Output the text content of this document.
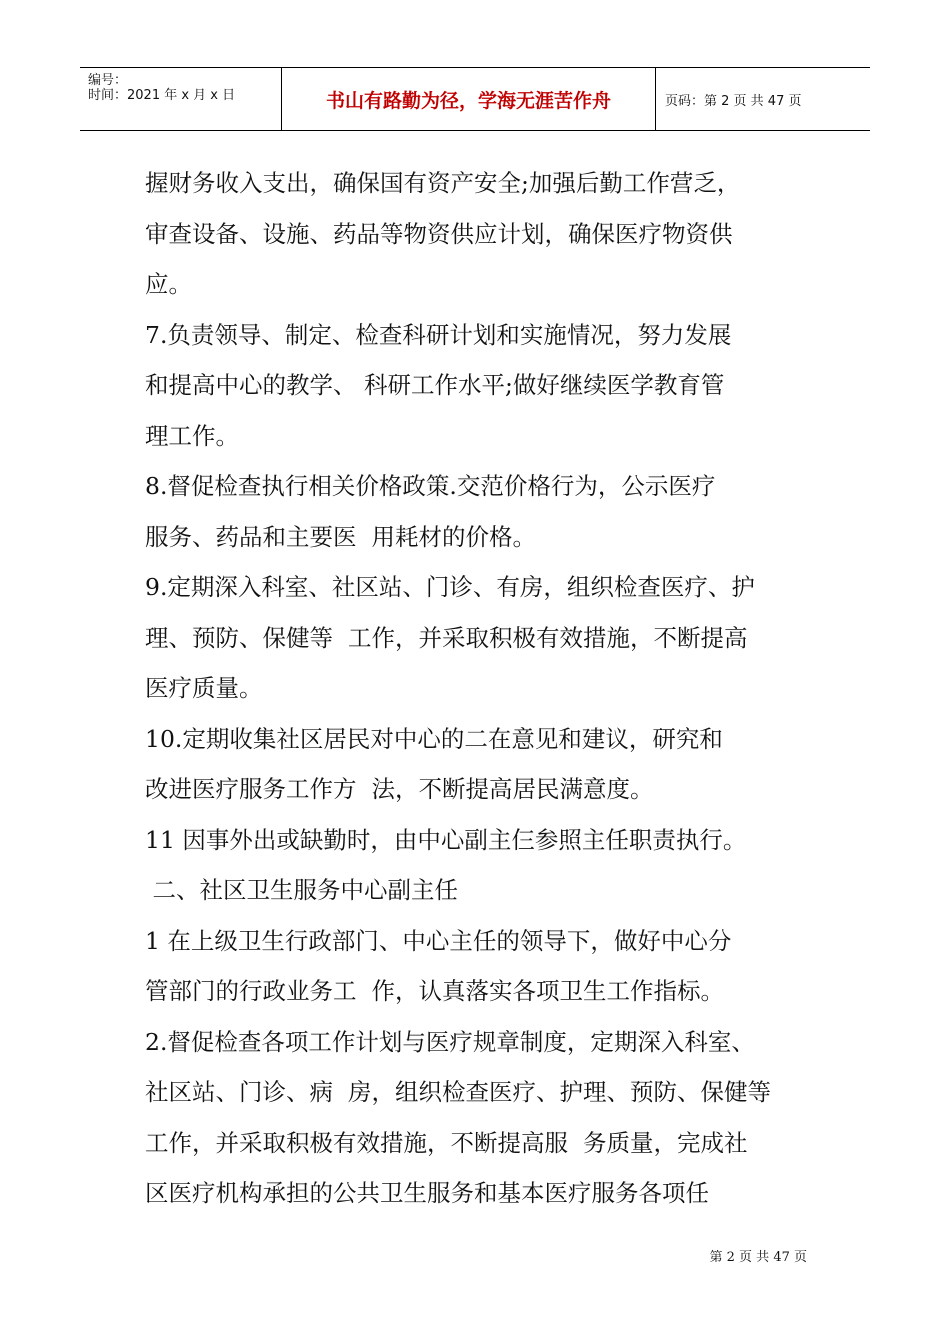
编号：
时间：2021 年 x 月 x 日	书山有路勤为径，学海无涯苦作舟	页码：第 2 页 共 47 页
握财务收入支出，确保国有资产安全;加强后勤工作营乏，
审查设备、设施、药品等物资供应计划，确保医疗物资供
应。
7.负责领导、制定、检查科研计划和实施情况，努力发展
和提高中心的教学、 科研工作水平;做好继续医学教育管
理工作。
8.督促检查执行相关价格政策.交范价格行为，公示医疗
服务、药品和主要医  用耗材的价格。
9.定期深入科室、社区站、门诊、有房，组织检查医疗、护
理、预防、保健等  工作，并采取积极有效措施，不断提高
医疗质量。
10.定期收集社区居民对中心的二在意见和建议，研究和
改进医疗服务工作方  法，不断提高居民满意度。
11 因事外出或缺勤时，由中心副主仨参照主任职责执行。
二、社区卫生服务中心副主任
1 在上级卫生行政部门、中心主任的领导下，做好中心分
管部门的行政业务工  作，认真落实各项卫生工作指标。
2.督促检查各项工作计划与医疗规章制度，定期深入科室、
社区站、门诊、病  房，组织检查医疗、护理、预防、保健等
工作，并采取积极有效措施，不断提高服  务质量，完成社
区医疗机构承担的公共卫生服务和基本医疗服务各项任
第 2 页 共 47 页
